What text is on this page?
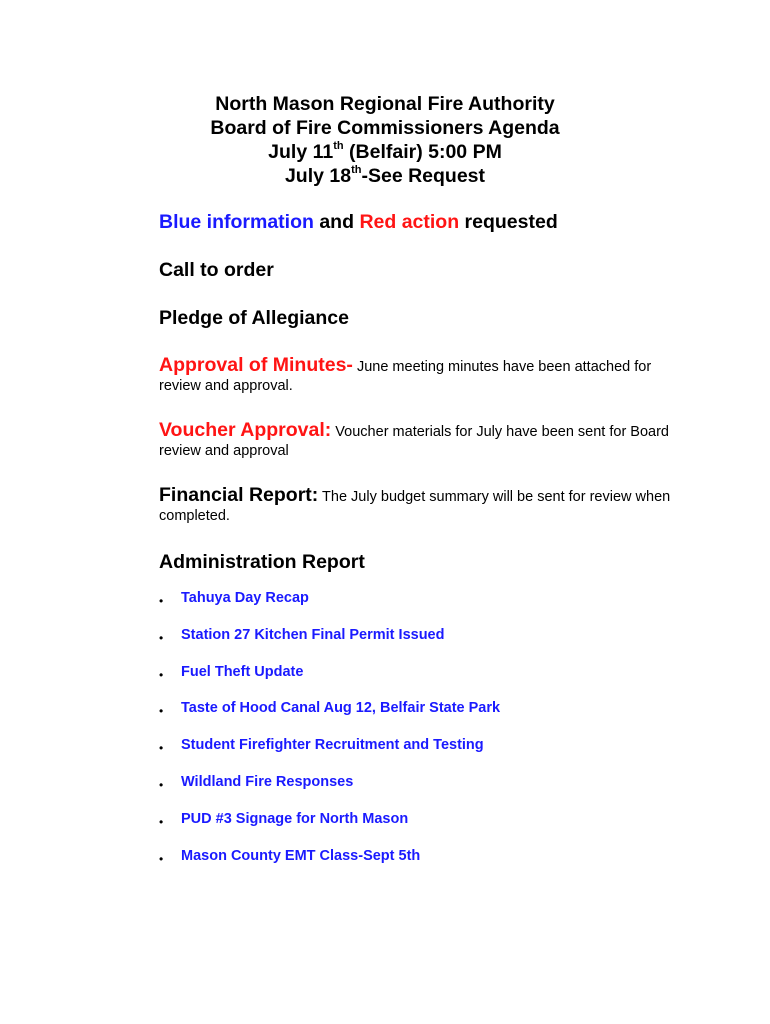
North Mason Regional Fire Authority
Board of Fire Commissioners Agenda
July 11th (Belfair) 5:00 PM
July 18th-See Request
Blue information and Red action requested
Call to order
Pledge of Allegiance
Approval of Minutes- June meeting minutes have been attached for review and approval.
Voucher Approval: Voucher materials for July have been sent for Board review and approval
Financial Report: The July budget summary will be sent for review when completed.
Administration Report
• Tahuya Day Recap
• Station 27 Kitchen Final Permit Issued
• Fuel Theft Update
• Taste of Hood Canal Aug 12, Belfair State Park
• Student Firefighter Recruitment and Testing
• Wildland Fire Responses
• PUD #3 Signage for North Mason
• Mason County EMT Class-Sept 5th
